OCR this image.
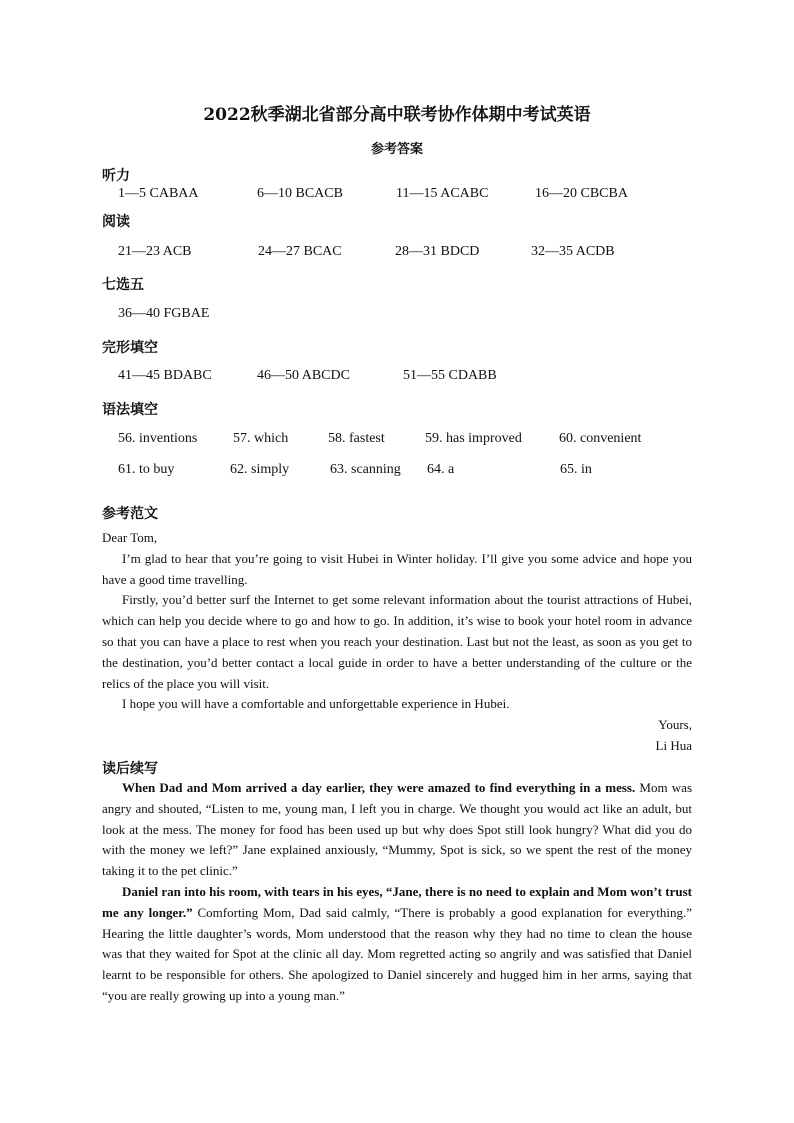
2022秋季湖北省部分高中联考协作体期中考试英语
参考答案
听力
1—5 CABAA	6—10 BCACB	11—15 ACABC	16—20 CBCBA
阅读
21—23 ACB	24—27 BCAC	28—31 BDCD	32—35 ACDB
七选五
36—40 FGBAE
完形填空
41—45 BDABC	46—50 ABCDC	51—55 CDABB
语法填空
56. inventions	57. which	58. fastest	59. has improved	60. convenient
61. to buy	62. simply	63. scanning 64. a	65. in
参考范文

Dear Tom,

I’m glad to hear that you’re going to visit Hubei in Winter holiday. I’ll give you some advice and hope you have a good time travelling.

Firstly, you’d better surf the Internet to get some relevant information about the tourist attractions of Hubei, which can help you decide where to go and how to go. In addition, it’s wise to book your hotel room in advance so that you can have a place to rest when you reach your destination. Last but not the least, as soon as you get to the destination, you’d better contact a local guide in order to have a better understanding of the culture or the relics of the place you will visit.

I hope you will have a comfortable and unforgettable experience in Hubei.

Yours,

Li Hua

读后续写

When Dad and Mom arrived a day earlier, they were amazed to find everything in a mess. Mom was angry and shouted, “Listen to me, young man, I left you in charge. We thought you would act like an adult, but look at the mess. The money for food has been used up but why does Spot still look hungry? What did you do with the money we left?” Jane explained anxiously, “Mummy, Spot is sick, so we spent the rest of the money taking it to the pet clinic.”

Daniel ran into his room, with tears in his eyes, “Jane, there is no need to explain and Mom won’t trust me any longer.” Comforting Mom, Dad said calmly, “There is probably a good explanation for everything.” Hearing the little daughter’s words, Mom understood that the reason why they had no time to clean the house was that they waited for Spot at the clinic all day. Mom regretted acting so angrily and was satisfied that Daniel learnt to be responsible for others. She apologized to Daniel sincerely and hugged him in her arms, saying that “you are really growing up into a young man.”
